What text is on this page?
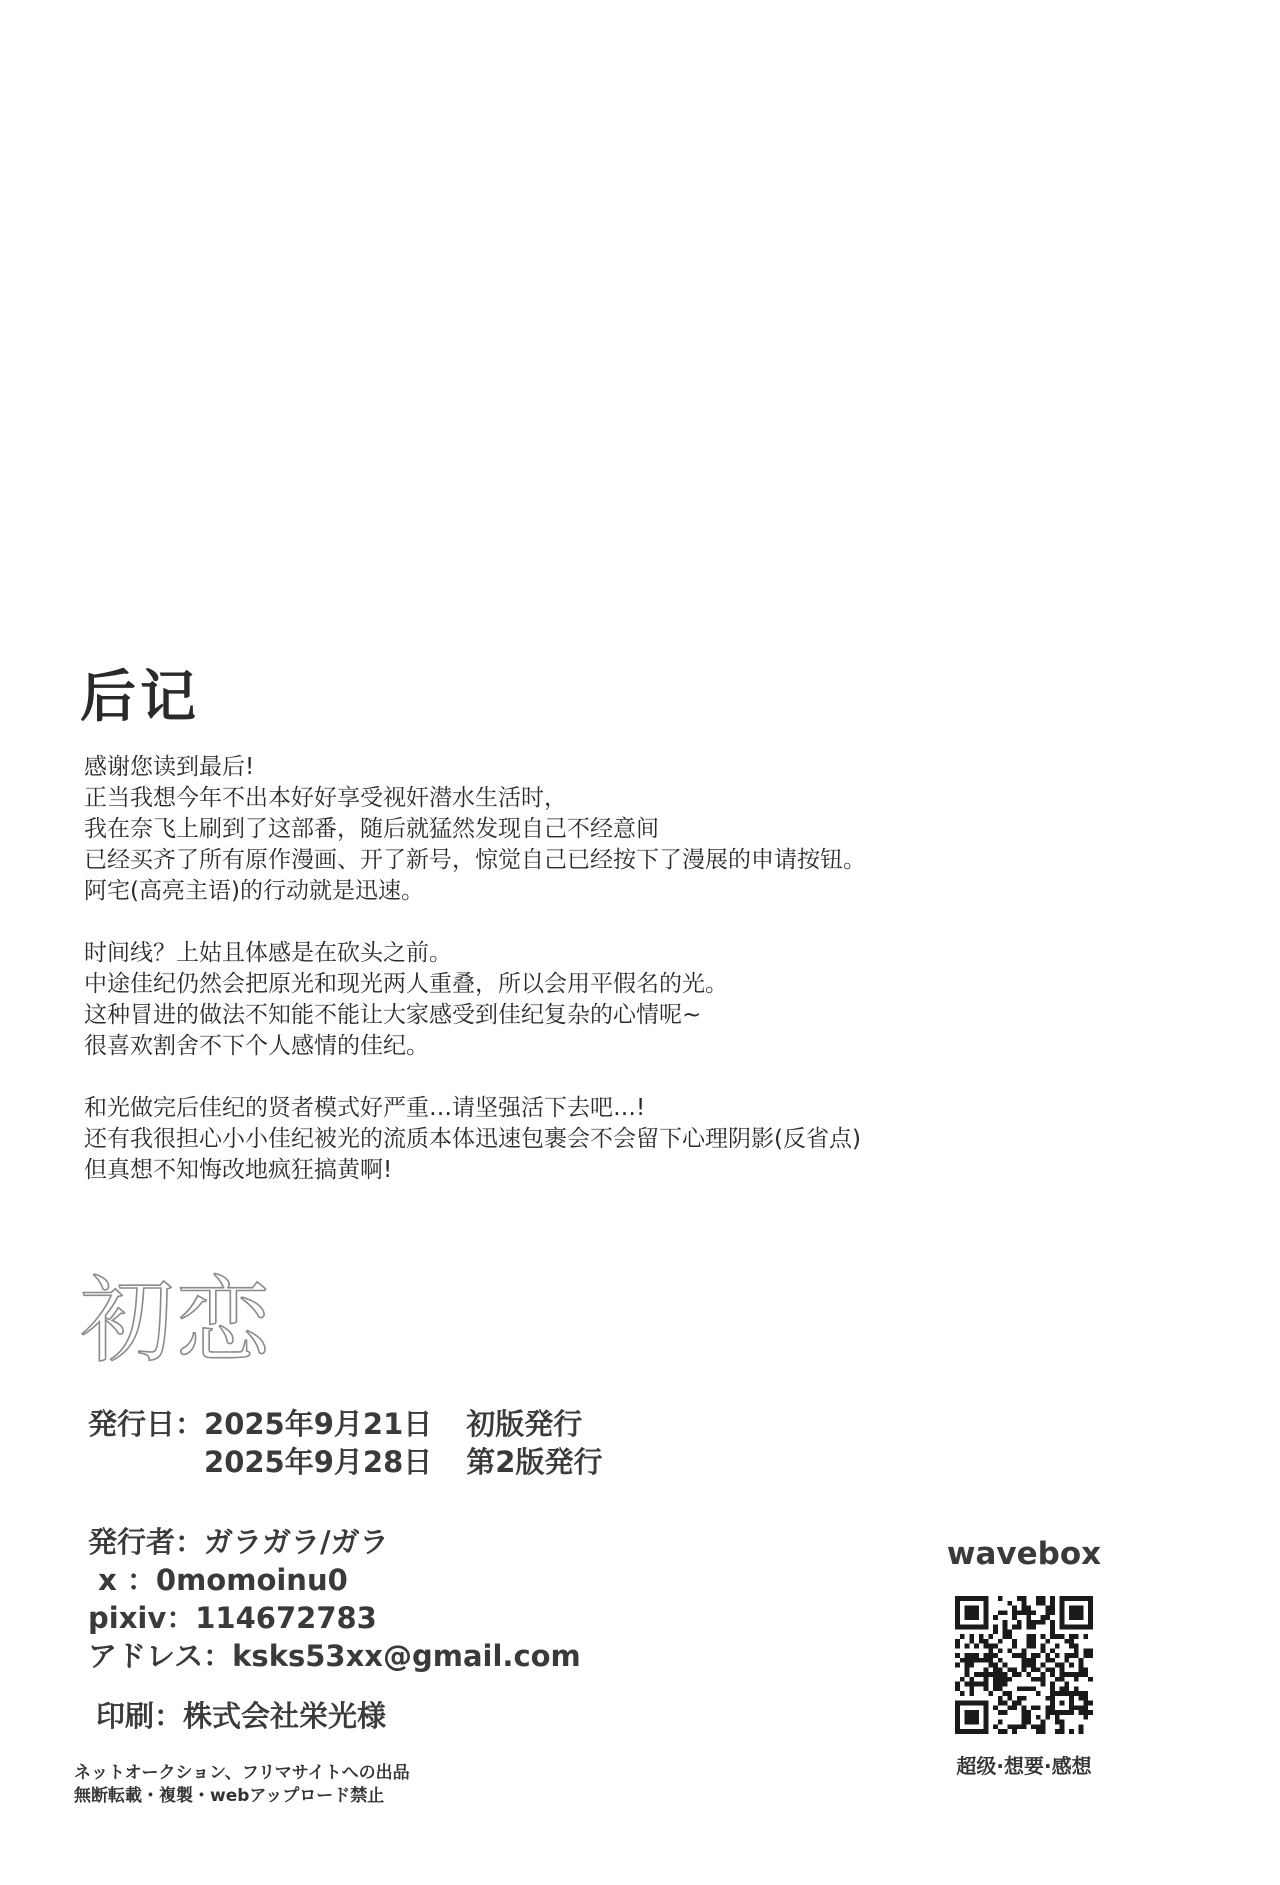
后记
感谢您读到最后!
正当我想今年不出本好好享受视奸潜水生活时，
我在奈飞上刷到了这部番，随后就猛然发现自己不经意间
已经买齐了所有原作漫画、开了新号，惊觉自己已经按下了漫展的申请按钮。
阿宅(高亮主语)的行动就是迅速。
时间线？上姑且体感是在砍头之前。
中途佳纪仍然会把原光和现光两人重叠，所以会用平假名的光。
这种冒进的做法不知能不能让大家感受到佳纪复杂的心情呢~
很喜欢割舍不下个人感情的佳纪。
和光做完后佳纪的贤者模式好严重…请坚强活下去吧…!
还有我很担心小小佳纪被光的流质本体迅速包裹会不会留下心理阴影(反省点)
但真想不知悔改地疯狂搞黄啊!
初恋
発行日： 2025年9月21日	初版発行
2025年9月28日	第2版発行
発行者： ガラガラ/ガラ
x ： 0momoinu0
pixiv： 114672783
アドレス： ksks53xx@gmail.com
印刷： 株式会社栄光様
ネットオークション、フリマサイトへの出品
無断転載・複製・webアップロード禁止
wavebox
超级·想要·感想
